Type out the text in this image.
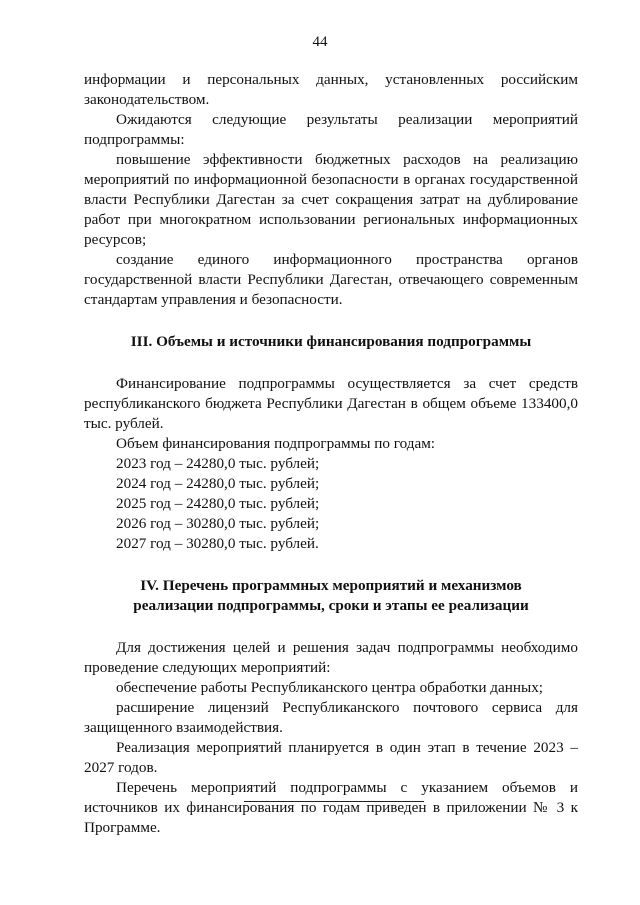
44

информации и персональных данных, установленных российским законодательством.

Ожидаются следующие результаты реализации мероприятий подпрограммы:

повышение эффективности бюджетных расходов на реализацию мероприятий по информационной безопасности в органах государственной власти Республики Дагестан за счет сокращения затрат на дублирование работ при многократном использовании региональных информационных ресурсов;

создание единого информационного пространства органов государственной власти Республики Дагестан, отвечающего современным стандартам управления и безопасности.

III. Объемы и источники финансирования подпрограммы

Финансирование подпрограммы осуществляется за счет средств республиканского бюджета Республики Дагестан в общем объеме 133400,0 тыс. рублей.

Объем финансирования подпрограммы по годам:

2023 год – 24280,0 тыс. рублей;

2024 год – 24280,0 тыс. рублей;

2025 год – 24280,0 тыс. рублей;

2026 год – 30280,0 тыс. рублей;

2027 год – 30280,0 тыс. рублей.

IV. Перечень программных мероприятий и механизмов
реализации подпрограммы, сроки и этапы ее реализации

Для достижения целей и решения задач подпрограммы необходимо проведение следующих мероприятий:

обеспечение работы Республиканского центра обработки данных;

расширение лицензий Республиканского почтового сервиса для защищенного взаимодействия.

Реализация мероприятий планируется в один этап в течение 2023 – 2027 годов.

Перечень мероприятий подпрограммы с указанием объемов и источников их финансирования по годам приведен в приложении № 3 к Программе.
